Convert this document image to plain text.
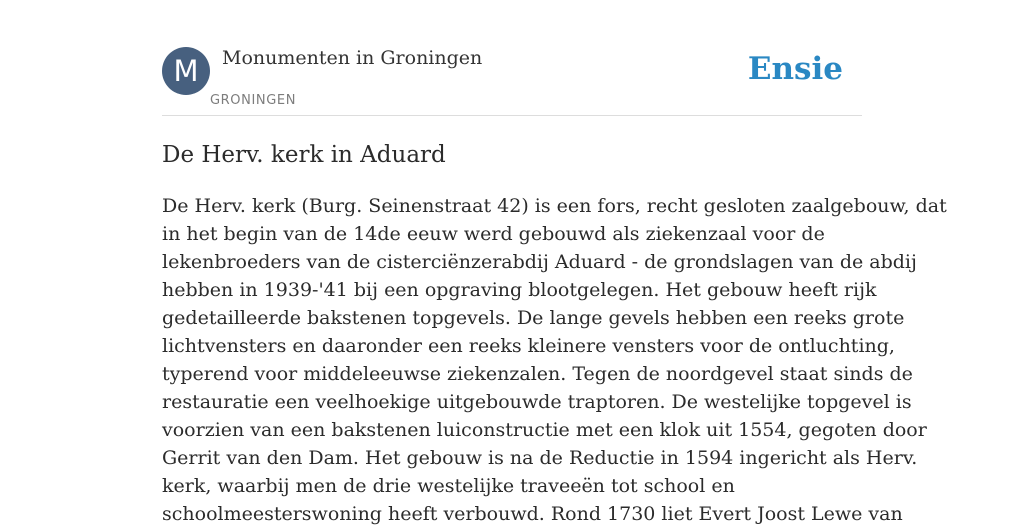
M	Monumenten in Groningen
GRONINGEN
Ensie
De Herv. kerk in Aduard
De Herv. kerk (Burg. Seinenstraat 42) is een fors, recht gesloten zaalgebouw, dat
in het begin van de 14de eeuw werd gebouwd als ziekenzaal voor de
lekenbroeders van de cisterciënzerabdij Aduard - de grondslagen van de abdij
hebben in 1939-'41 bij een opgraving blootgelegen. Het gebouw heeft rijk
gedetailleerde bakstenen topgevels. De lange gevels hebben een reeks grote
lichtvensters en daaronder een reeks kleinere vensters voor de ontluchting,
typerend voor middeleeuwse ziekenzalen. Tegen de noordgevel staat sinds de
restauratie een veelhoekige uitgebouwde traptoren. De westelijke topgevel is
voorzien van een bakstenen luiconstructie met een klok uit 1554, gegoten door
Gerrit van den Dam. Het gebouw is na de Reductie in 1594 ingericht als Herv.
kerk, waarbij men de drie westelijke traveeën tot school en
schoolmeesterswoning heeft verbouwd. Rond 1730 liet Evert Joost Lewe van
